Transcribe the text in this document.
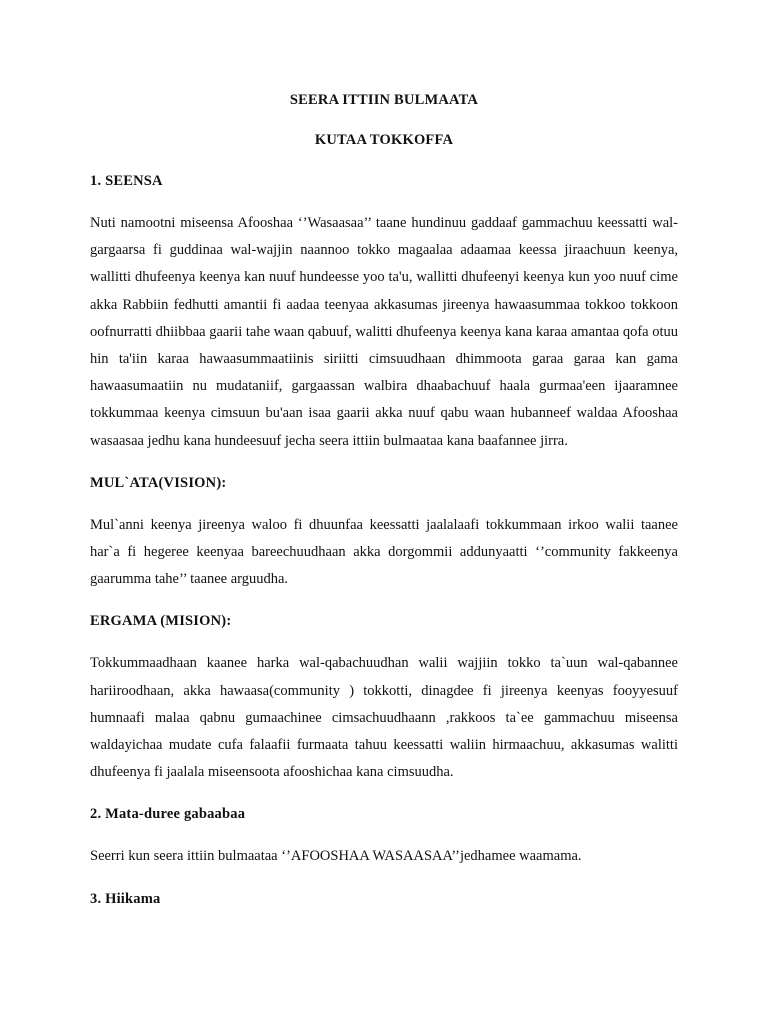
SEERA ITTIIN BULMAATA

KUTAA TOKKOFFA

1. SEENSA

Nuti namootni miseensa Afooshaa ‘’Wasaasaa’’ taane hundinuu gaddaaf gammachuu keessatti wal-gargaarsa fi guddinaa wal-wajjin naannoo tokko magaalaa adaamaa keessa jiraachuun keenya, wallitti dhufeenya keenya kan nuuf hundeesse yoo ta'u, wallitti dhufeenyi keenya kun yoo nuuf cime akka Rabbiin fedhutti amantii fi aadaa teenyaa akkasumas jireenya hawaasummaa tokkoo tokkoon oofnurratti dhiibbaa gaarii tahe waan qabuuf, walitti dhufeenya keenya kana karaa amantaa qofa otuu hin ta'iin karaa hawaasummaatiinis siriitti cimsuudhaan dhimmoota garaa garaa kan gama hawaasumaatiin nu mudataniif, gargaassan walbira dhaabachuuf haala gurmaa'een ijaaramnee tokkummaa keenya cimsuun bu'aan isaa gaarii akka nuuf qabu waan hubanneef waldaa Afooshaa wasaasaa jedhu kana hundeesuuf jecha seera ittiin bulmaataa kana baafannee jirra.

MUL`ATA(VISION):

Mul`anni keenya jireenya waloo fi dhuunfaa keessatti jaalalaafi tokkummaan irkoo walii taanee har`a fi hegeree keenyaa bareechuudhaan akka dorgommii addunyaatti ‘’community fakkeenya gaarumma tahe’’ taanee arguudha.

ERGAMA (MISION):

Tokkummaadhaan kaanee harka wal-qabachuudhan walii wajjiin tokko ta`uun wal-qabannee hariiroodhaan, akka hawaasa(community ) tokkotti, dinagdee fi jireenya keenyas fooyyesuuf humnaafi malaa qabnu gumaachinee cimsachuudhaann ,rakkoos ta`ee gammachuu miseensa waldayichaa mudate cufa falaafii furmaata tahuu keessatti waliin hirmaachuu, akkasumas walitti dhufeenya fi jaalala miseensoota afooshichaa kana cimsuudha.

2. Mata-duree gabaabaa

Seerri kun seera ittiin bulmaataa ‘’AFOOSHAA WASAASAA’’jedhamee waamama.

3. Hiikama
